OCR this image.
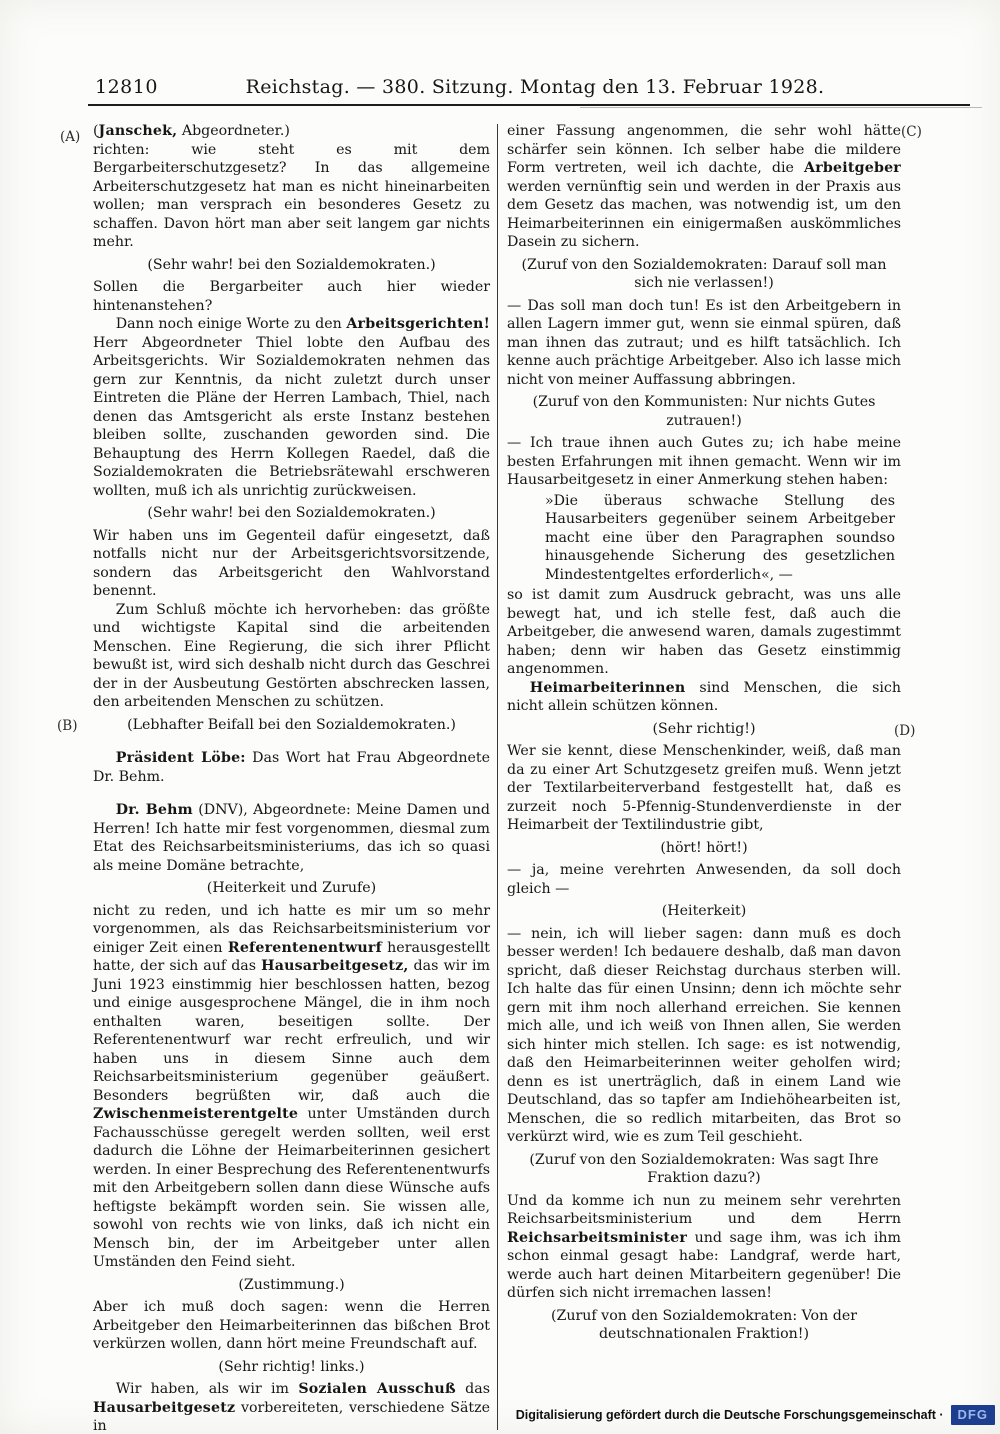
12810	Reichstag. — 380. Sitzung. Montag den 13. Februar 1928.
(A)
(B)
(C)
(D)

(Janschek, Abgeordneter.)

richten: wie steht es mit dem Bergarbeiterschutzgesetz? In das allgemeine Arbeiterschutzgesetz hat man es nicht hineinarbeiten wollen; man versprach ein besonderes Gesetz zu schaffen. Davon hört man aber seit langem gar nichts mehr.

(Sehr wahr! bei den Sozialdemokraten.)

Sollen die Bergarbeiter auch hier wieder hintenanstehen?

Dann noch einige Worte zu den Arbeitsgerichten! Herr Abgeordneter Thiel lobte den Aufbau des Arbeitsgerichts. Wir Sozialdemokraten nehmen das gern zur Kenntnis, da nicht zuletzt durch unser Eintreten die Pläne der Herren Lambach, Thiel, nach denen das Amtsgericht als erste Instanz bestehen bleiben sollte, zuschanden geworden sind. Die Behauptung des Herrn Kollegen Raedel, daß die Sozialdemokraten die Betriebsrätewahl erschweren wollten, muß ich als unrichtig zurückweisen.

(Sehr wahr! bei den Sozialdemokraten.)

Wir haben uns im Gegenteil dafür eingesetzt, daß notfalls nicht nur der Arbeitsgerichtsvorsitzende, sondern das Arbeitsgericht den Wahlvorstand benennt.

Zum Schluß möchte ich hervorheben: das größte und wichtigste Kapital sind die arbeitenden Menschen. Eine Regierung, die sich ihrer Pflicht bewußt ist, wird sich deshalb nicht durch das Geschrei der in der Ausbeutung Gestörten abschrecken lassen, den arbeitenden Menschen zu schützen.

(Lebhafter Beifall bei den Sozialdemokraten.)

Präsident Löbe: Das Wort hat Frau Abgeordnete Dr. Behm.

Dr. Behm (DNV), Abgeordnete: Meine Damen und Herren! Ich hatte mir fest vorgenommen, diesmal zum Etat des Reichsarbeitsministeriums, das ich so quasi als meine Domäne betrachte,

(Heiterkeit und Zurufe)

nicht zu reden, und ich hatte es mir um so mehr vorgenommen, als das Reichsarbeitsministerium vor einiger Zeit einen Referentenentwurf herausgestellt hatte, der sich auf das Hausarbeitgesetz, das wir im Juni 1923 einstimmig hier beschlossen hatten, bezog und einige ausgesprochene Mängel, die in ihm noch enthalten waren, beseitigen sollte. Der Referentenentwurf war recht erfreulich, und wir haben uns in diesem Sinne auch dem Reichsarbeitsministerium gegenüber geäußert. Besonders begrüßten wir, daß auch die Zwischenmeisterentgelte unter Umständen durch Fachausschüsse geregelt werden sollten, weil erst dadurch die Löhne der Heimarbeiterinnen gesichert werden. In einer Besprechung des Referentenentwurfs mit den Arbeitgebern sollen dann diese Wünsche aufs heftigste bekämpft worden sein. Sie wissen alle, sowohl von rechts wie von links, daß ich nicht ein Mensch bin, der im Arbeitgeber unter allen Umständen den Feind sieht.

(Zustimmung.)

Aber ich muß doch sagen: wenn die Herren Arbeitgeber den Heimarbeiterinnen das bißchen Brot verkürzen wollen, dann hört meine Freundschaft auf.

(Sehr richtig! links.)

Wir haben, als wir im Sozialen Ausschuß das Hausarbeitgesetz vorbereiteten, verschiedene Sätze in

einer Fassung angenommen, die sehr wohl hätte schärfer sein können. Ich selber habe die mildere Form vertreten, weil ich dachte, die Arbeitgeber werden vernünftig sein und werden in der Praxis aus dem Gesetz das machen, was notwendig ist, um den Heimarbeiterinnen ein einigermaßen auskömmliches Dasein zu sichern.

(Zuruf von den Sozialdemokraten: Darauf soll man sich nie verlassen!)

— Das soll man doch tun! Es ist den Arbeitgebern in allen Lagern immer gut, wenn sie einmal spüren, daß man ihnen das zutraut; und es hilft tatsächlich. Ich kenne auch prächtige Arbeitgeber. Also ich lasse mich nicht von meiner Auffassung abbringen.

(Zuruf von den Kommunisten: Nur nichts Gutes zutrauen!)

— Ich traue ihnen auch Gutes zu; ich habe meine besten Erfahrungen mit ihnen gemacht. Wenn wir im Hausarbeitgesetz in einer Anmerkung stehen haben:

»Die überaus schwache Stellung des Hausarbeiters gegenüber seinem Arbeitgeber macht eine über den Paragraphen soundso hinausgehende Sicherung des gesetzlichen Mindestentgeltes erforderlich«, —

so ist damit zum Ausdruck gebracht, was uns alle bewegt hat, und ich stelle fest, daß auch die Arbeitgeber, die anwesend waren, damals zugestimmt haben; denn wir haben das Gesetz einstimmig angenommen.

Heimarbeiterinnen sind Menschen, die sich nicht allein schützen können.

(Sehr richtig!)

Wer sie kennt, diese Menschenkinder, weiß, daß man da zu einer Art Schutzgesetz greifen muß. Wenn jetzt der Textilarbeiterverband festgestellt hat, daß es zurzeit noch 5-Pfennig-Stundenverdienste in der Heimarbeit der Textilindustrie gibt,

(hört! hört!)

— ja, meine verehrten Anwesenden, da soll doch gleich —

(Heiterkeit)

— nein, ich will lieber sagen: dann muß es doch besser werden! Ich bedauere deshalb, daß man davon spricht, daß dieser Reichstag durchaus sterben will. Ich halte das für einen Unsinn; denn ich möchte sehr gern mit ihm noch allerhand erreichen. Sie kennen mich alle, und ich weiß von Ihnen allen, Sie werden sich hinter mich stellen. Ich sage: es ist notwendig, daß den Heimarbeiterinnen weiter geholfen wird; denn es ist unerträglich, daß in einem Land wie Deutschland, das so tapfer am Indiehöhearbeiten ist, Menschen, die so redlich mitarbeiten, das Brot so verkürzt wird, wie es zum Teil geschieht.

(Zuruf von den Sozialdemokraten: Was sagt Ihre Fraktion dazu?)

Und da komme ich nun zu meinem sehr verehrten Reichsarbeitsministerium und dem Herrn Reichsarbeitsminister und sage ihm, was ich ihm schon einmal gesagt habe: Landgraf, werde hart, werde auch hart deinen Mitarbeitern gegenüber! Die dürfen sich nicht irremachen lassen!

(Zuruf von den Sozialdemokraten: Von der deutschnationalen Fraktion!)

Digitalisierung gefördert durch die Deutsche Forschungsgemeinschaft ·	DFG
